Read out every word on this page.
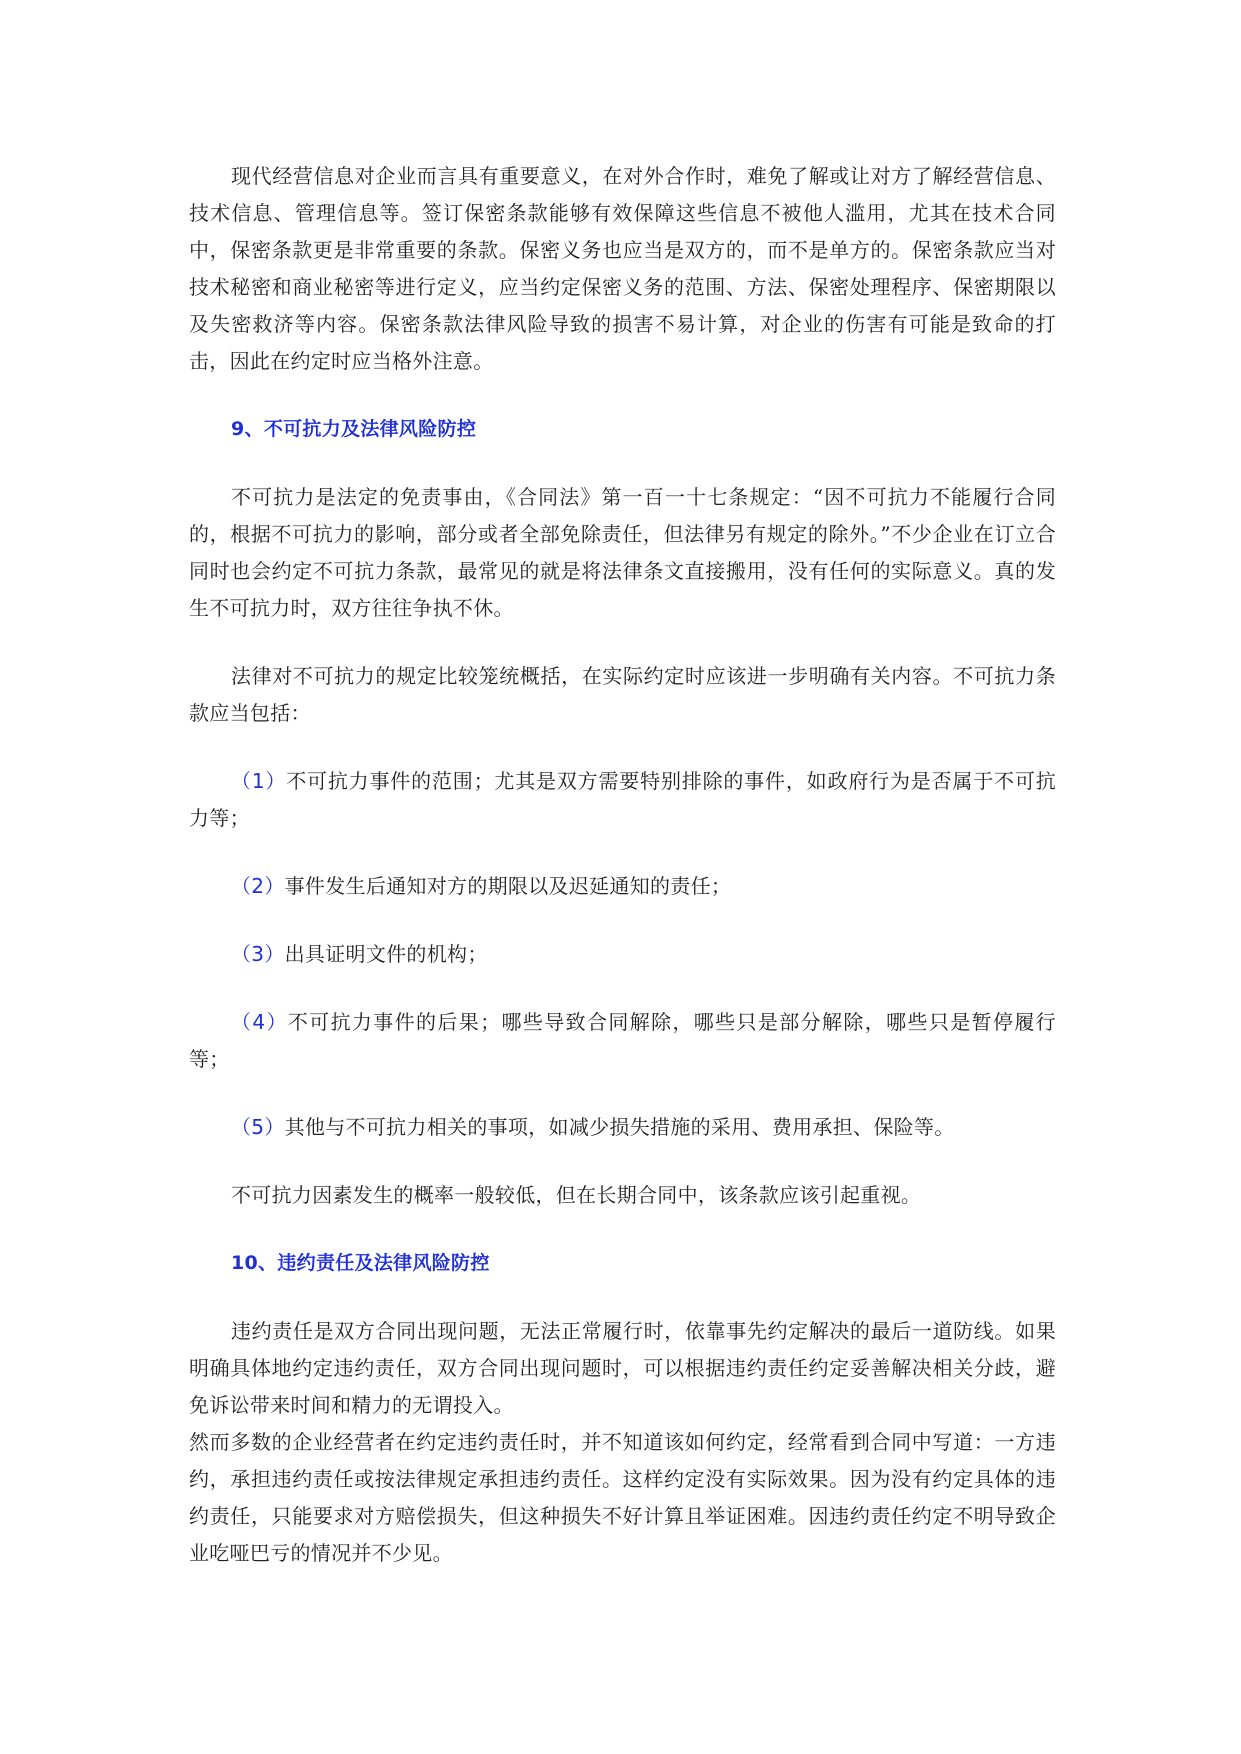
现代经营信息对企业而言具有重要意义，在对外合作时，难免了解或让对方了解经营信息、技术信息、管理信息等。签订保密条款能够有效保障这些信息不被他人滥用，尤其在技术合同中，保密条款更是非常重要的条款。保密义务也应当是双方的，而不是单方的。保密条款应当对技术秘密和商业秘密等进行定义，应当约定保密义务的范围、方法、保密处理程序、保密期限以及失密救济等内容。保密条款法律风险导致的损害不易计算，对企业的伤害有可能是致命的打击，因此在约定时应当格外注意。

9、不可抗力及法律风险防控

不可抗力是法定的免责事由，《合同法》第一百一十七条规定：“因不可抗力不能履行合同的，根据不可抗力的影响，部分或者全部免除责任，但法律另有规定的除外。”不少企业在订立合同时也会约定不可抗力条款，最常见的就是将法律条文直接搬用，没有任何的实际意义。真的发生不可抗力时，双方往往争执不休。

法律对不可抗力的规定比较笼统概括，在实际约定时应该进一步明确有关内容。不可抗力条款应当包括：

（1）不可抗力事件的范围；尤其是双方需要特别排除的事件，如政府行为是否属于不可抗力等；

（2）事件发生后通知对方的期限以及迟延通知的责任；

（3）出具证明文件的机构；

（4）不可抗力事件的后果；哪些导致合同解除，哪些只是部分解除，哪些只是暂停履行等；

（5）其他与不可抗力相关的事项，如减少损失措施的采用、费用承担、保险等。

不可抗力因素发生的概率一般较低，但在长期合同中，该条款应该引起重视。

10、违约责任及法律风险防控

违约责任是双方合同出现问题，无法正常履行时，依靠事先约定解决的最后一道防线。如果明确具体地约定违约责任，双方合同出现问题时，可以根据违约责任约定妥善解决相关分歧，避免诉讼带来时间和精力的无谓投入。

然而多数的企业经营者在约定违约责任时，并不知道该如何约定，经常看到合同中写道：一方违约，承担违约责任或按法律规定承担违约责任。这样约定没有实际效果。因为没有约定具体的违约责任，只能要求对方赔偿损失，但这种损失不好计算且举证困难。因违约责任约定不明导致企业吃哑巴亏的情况并不少见。
